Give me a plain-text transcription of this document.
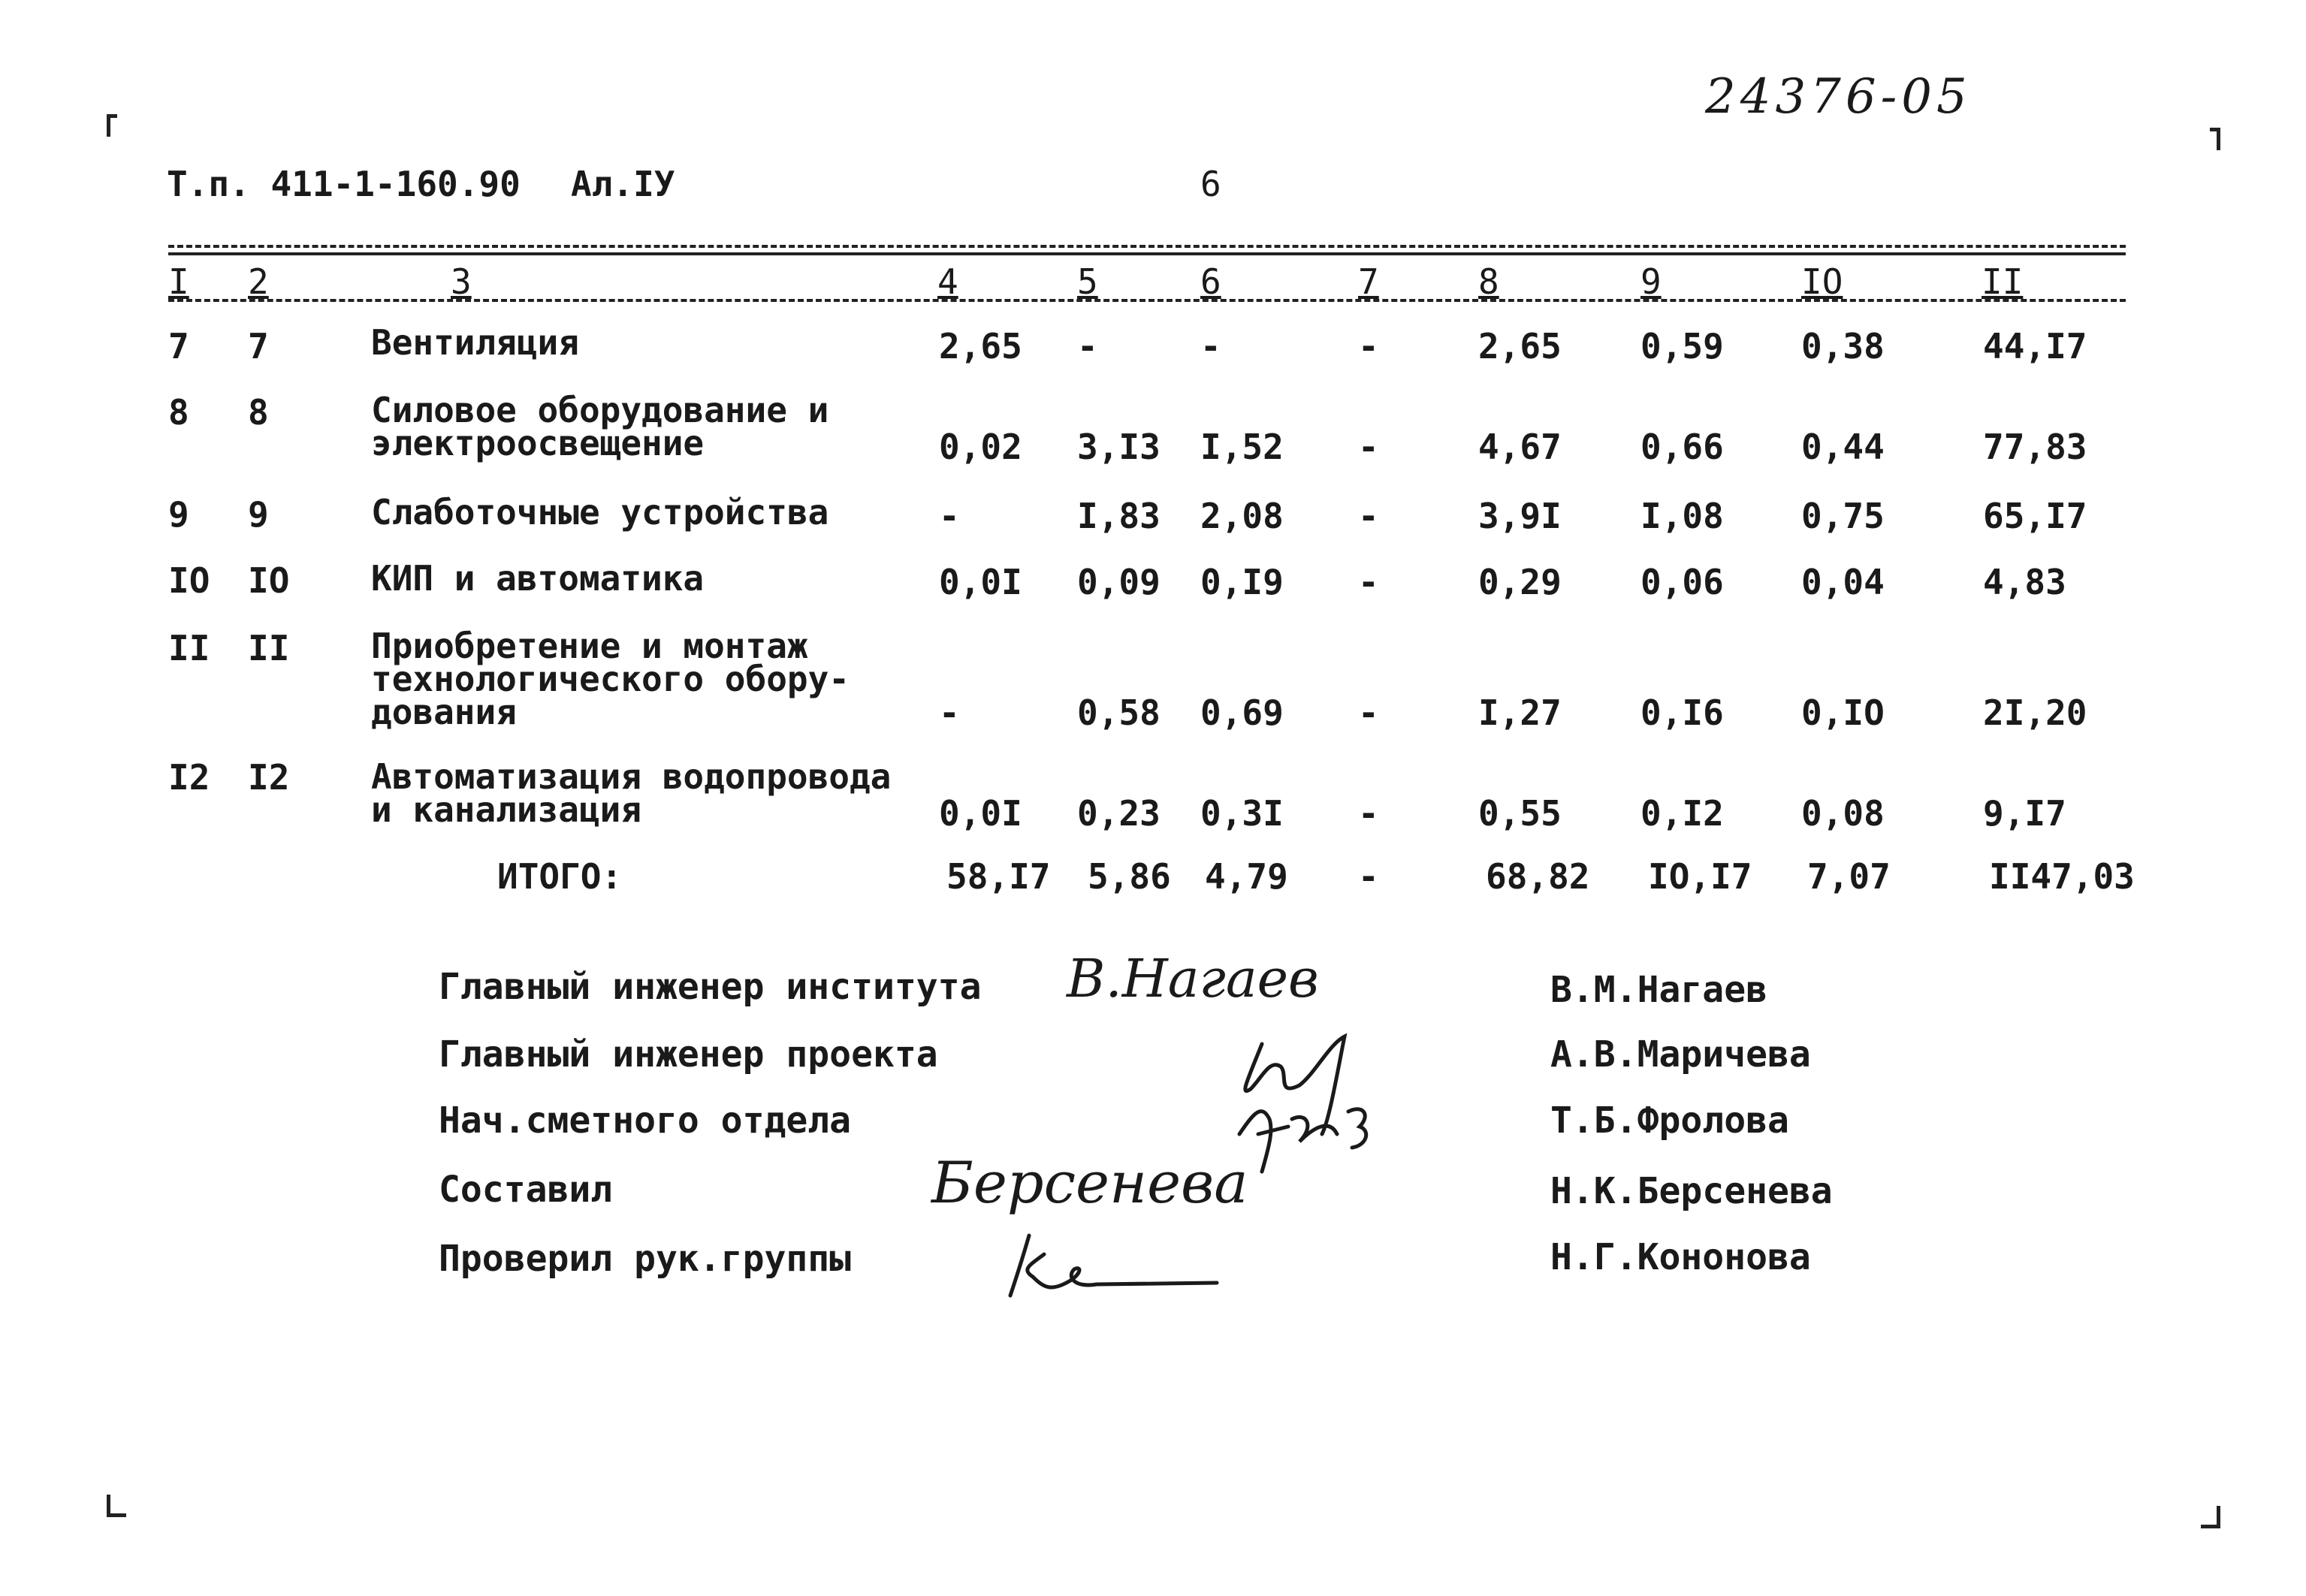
24376-05
Т.п. 411-1-160.90 Ал.IУ	6
I 2	3	4	5	6	7	8	9	IO	II
7 7	Вентиляция	2,65 -	-	-	2,65 0,59 0,38	44,I7
8 8	Силовое оборудование и
электроосвещение	0,02 3,I3 I,52 -	4,67 0,66 0,44	77,83
9 9	Слаботочные устройства	-	I,83 2,08 -	3,9I I,08 0,75	65,I7
IO IO КИП и автоматика	0,0I 0,09 0,I9 -	0,29 0,06 0,04	4,83
II II Приобретение и монтаж
технологического обору-
дования	-	0,58 0,69 -	I,27 0,I6 0,IO	2I,20
I2 I2 Автоматизация водопровода
и канализация	0,0I 0,23 0,3I -	0,55 0,I2 0,08	9,I7
ИТОГО:	58,I7 5,86 4,79 -	68,82 IO,I7 7,07	II47,03
Главный инженер института	В.М.Нагаев
Главный инженер проекта	А.В.Маричева
Нач.сметного отдела	Т.Б.Фролова
Составил	Н.К.Берсенева
Проверил рук.группы	Н.Г.Кононова
В.Нагаев
Берсенева
